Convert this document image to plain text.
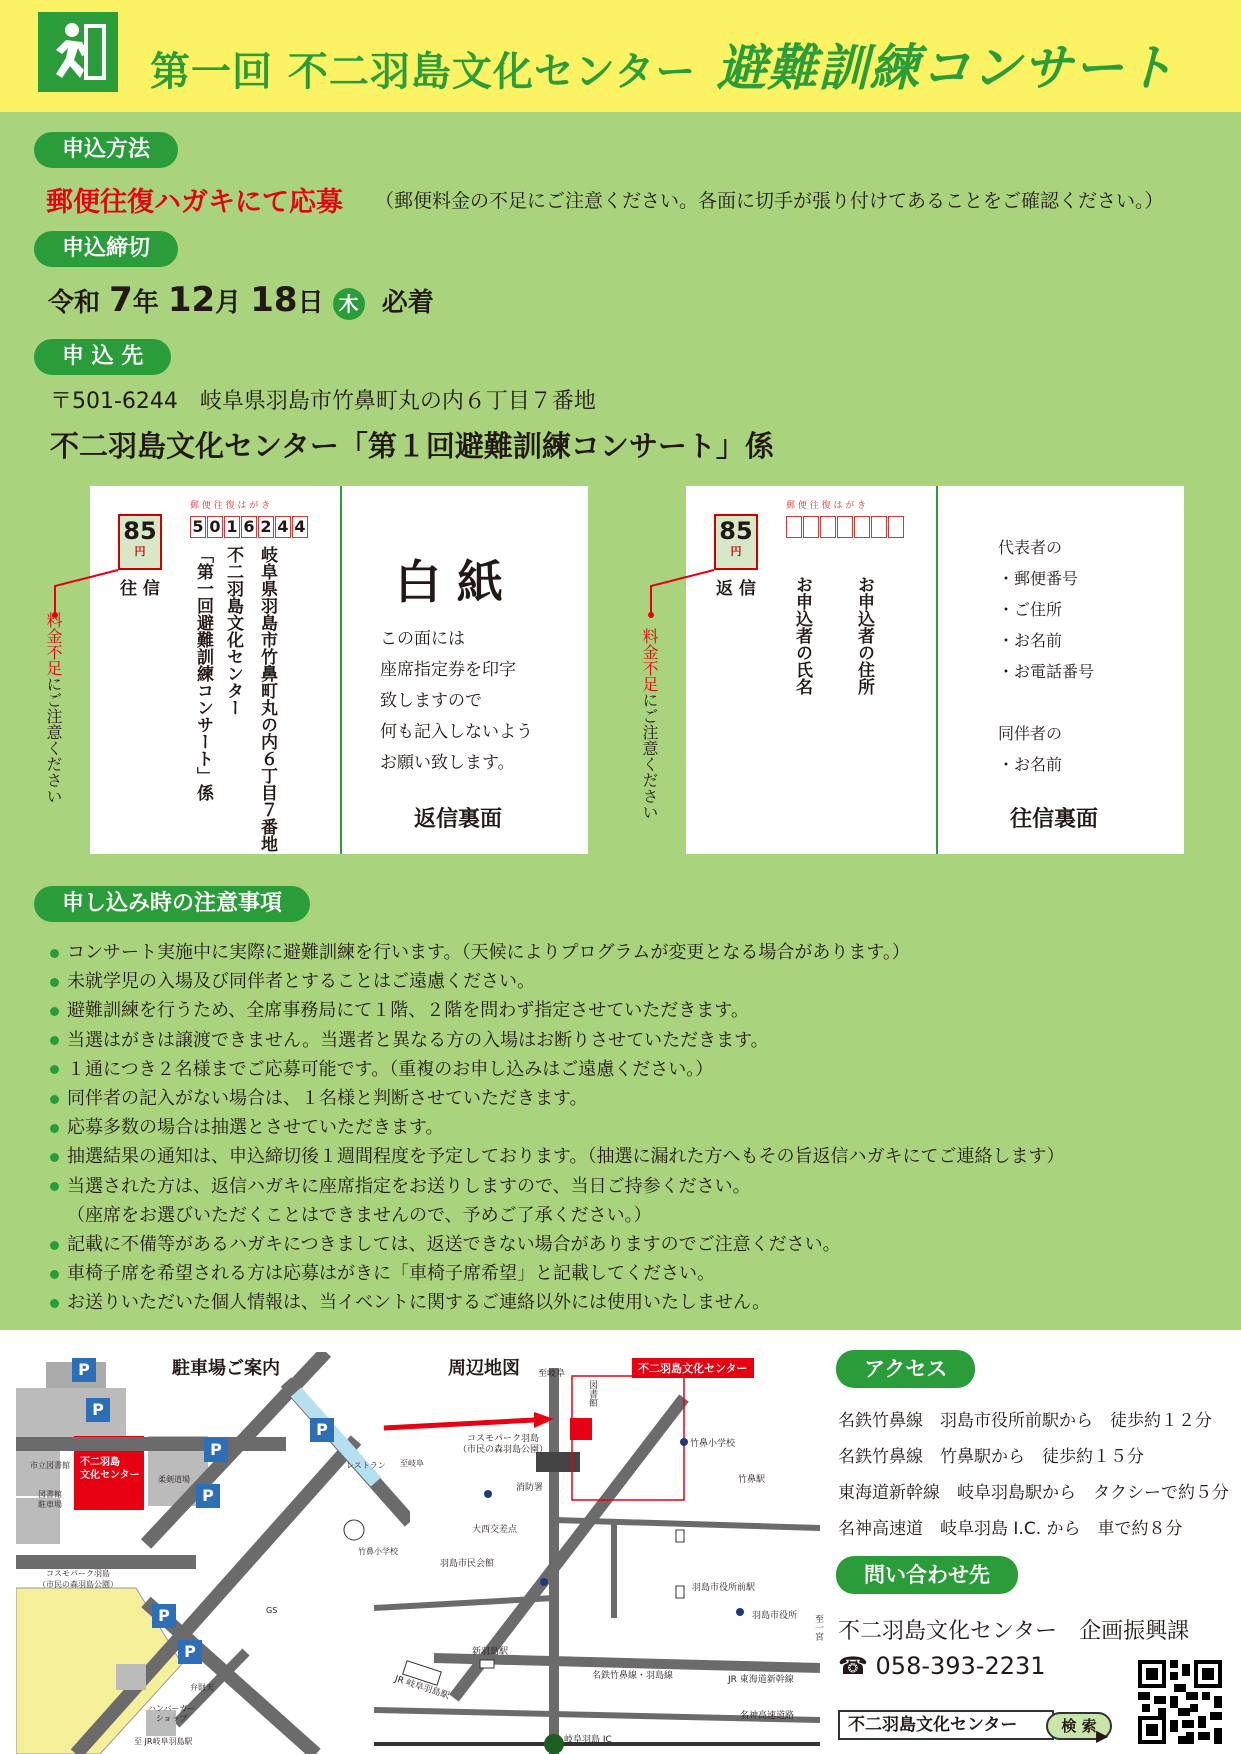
第一回 不二羽島文化センター 避難訓練コンサート
申込方法
郵便往復ハガキにて応募 （郵便料金の不足にご注意ください。各面に切手が張り付けてあることをご確認ください。）
申込締切
令和 7年 12月 18日 木 必着
申 込 先
〒501-6244　岐阜県羽島市竹鼻町丸の内６丁目７番地
不二羽島文化センター「第１回避難訓練コンサート」係
郵 便 往 復 は が き
5 0 1 6 2 4 4
85
円
往 信	岐阜県羽島市竹鼻町丸の内６丁目７番地
不二羽島文化センター
「第一回避難訓練コンサート」係	白 紙
この面には
座席指定券を印字
致しますので
何も記入しないよう
お願い致します。
返信裏面
料金不足にご注意ください
郵 便 往 復 は が き
85
円
返 信	お申込者の住所
お申込者の氏名
代表者の
・郵便番号
・ご住所
・お名前
・お電話番号
同伴者の
・お名前
往信裏面
料金不足にご注意ください
申し込み時の注意事項
コンサート実施中に実際に避難訓練を行います。（天候によりプログラムが変更となる場合があります。）
未就学児の入場及び同伴者とすることはご遠慮ください。
避難訓練を行うため、全席事務局にて１階、２階を問わず指定させていただきます。
当選はがきは譲渡できません。当選者と異なる方の入場はお断りさせていただきます。
１通につき２名様までご応募可能です。（重複のお申し込みはご遠慮ください。）
同伴者の記入がない場合は、１名様と判断させていただきます。
応募多数の場合は抽選とさせていただきます。
抽選結果の通知は、申込締切後１週間程度を予定しております。（抽選に漏れた方へもその旨返信ハガキにてご連絡します）
当選された方は、返信ハガキに座席指定をお送りしますので、当日ご持参ください。
（座席をお選びいただくことはできませんので、予めご了承ください。）
記載に不備等があるハガキにつきましては、返送できない場合がありますのでご注意ください。
車椅子席を希望される方は応募はがきに「車椅子席希望」と記載してください。
お送りいただいた個人情報は、当イベントに関するご連絡以外には使用いたしません。
駐車場ご案内
P
P
P
P
P
P
P
不二羽島
文化センター
市立図書館
図書館
駐車場
柔剣道場
コスモパーク羽島
（市民の森羽島公園）
レストラン 至岐阜
竹鼻小学校
GS
弁財天
ハンバーガー
ショップ
至 JR岐阜羽島駅
周辺地図 至岐阜	不二羽島文化センター
図書館
コスモパーク羽島
（市民の森羽島公園）
消防署
竹鼻小学校
竹鼻駅
大西交差点
羽島市民会館
羽島市役所前駅
羽島市役所 至一宮
新羽島駅
JR 岐阜羽島駅	名鉄竹鼻線・羽島線	JR 東海道新幹線
名神高速道路
岐阜羽島 IC
アクセス
名鉄竹鼻線　羽島市役所前駅から　徒歩約１２分
名鉄竹鼻線　竹鼻駅から　徒歩約１５分
東海道新幹線　岐阜羽島駅から　タクシーで約５分
名神高速道　岐阜羽島 I.C. から　車で約８分
問い合わせ先
不二羽島文化センター　企画振興課
☎ 058-393-2231
不二羽島文化センター	検 索 ▶
